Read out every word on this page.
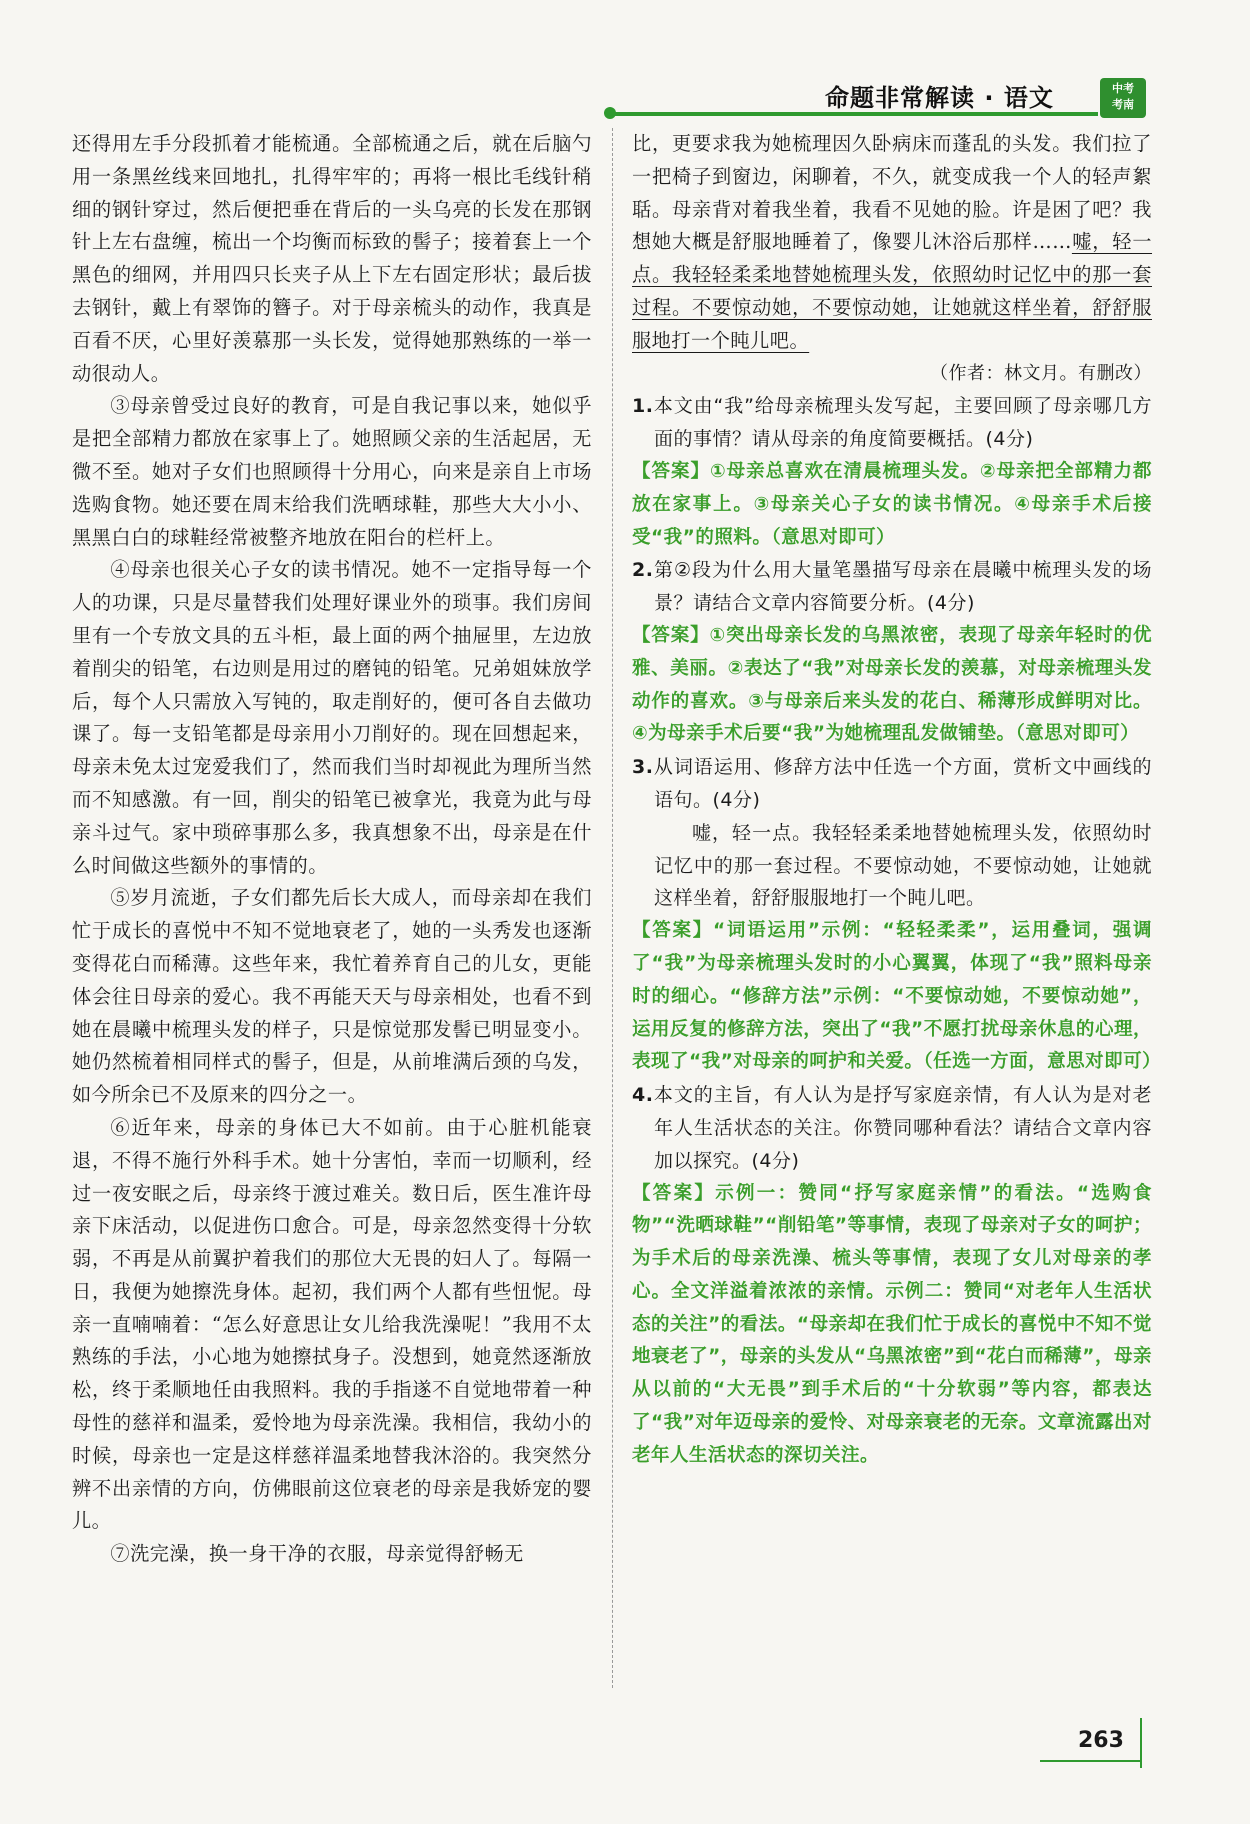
命题非常解读 · 语文	中考
考南

还得用左手分段抓着才能梳通。全部梳通之后，就在后脑勺用一条黑丝线来回地扎，扎得牢牢的；再将一根比毛线针稍细的钢针穿过，然后便把垂在背后的一头乌亮的长发在那钢针上左右盘缠，梳出一个均衡而标致的髻子；接着套上一个黑色的细网，并用四只长夹子从上下左右固定形状；最后拔去钢针，戴上有翠饰的簪子。对于母亲梳头的动作，我真是百看不厌，心里好羡慕那一头长发，觉得她那熟练的一举一动很动人。

③母亲曾受过良好的教育，可是自我记事以来，她似乎是把全部精力都放在家事上了。她照顾父亲的生活起居，无微不至。她对子女们也照顾得十分用心，向来是亲自上市场选购食物。她还要在周末给我们洗晒球鞋，那些大大小小、黑黑白白的球鞋经常被整齐地放在阳台的栏杆上。

④母亲也很关心子女的读书情况。她不一定指导每一个人的功课，只是尽量替我们处理好课业外的琐事。我们房间里有一个专放文具的五斗柜，最上面的两个抽屉里，左边放着削尖的铅笔，右边则是用过的磨钝的铅笔。兄弟姐妹放学后，每个人只需放入写钝的，取走削好的，便可各自去做功课了。每一支铅笔都是母亲用小刀削好的。现在回想起来，母亲未免太过宠爱我们了，然而我们当时却视此为理所当然而不知感激。有一回，削尖的铅笔已被拿光，我竟为此与母亲斗过气。家中琐碎事那么多，我真想象不出，母亲是在什么时间做这些额外的事情的。

⑤岁月流逝，子女们都先后长大成人，而母亲却在我们忙于成长的喜悦中不知不觉地衰老了，她的一头秀发也逐渐变得花白而稀薄。这些年来，我忙着养育自己的儿女，更能体会往日母亲的爱心。我不再能天天与母亲相处，也看不到她在晨曦中梳理头发的样子，只是惊觉那发髻已明显变小。她仍然梳着相同样式的髻子，但是，从前堆满后颈的乌发，如今所余已不及原来的四分之一。

⑥近年来，母亲的身体已大不如前。由于心脏机能衰退，不得不施行外科手术。她十分害怕，幸而一切顺利，经过一夜安眠之后，母亲终于渡过难关。数日后，医生准许母亲下床活动，以促进伤口愈合。可是，母亲忽然变得十分软弱，不再是从前翼护着我们的那位大无畏的妇人了。每隔一日，我便为她擦洗身体。起初，我们两个人都有些忸怩。母亲一直喃喃着：“怎么好意思让女儿给我洗澡呢！”我用不太熟练的手法，小心地为她擦拭身子。没想到，她竟然逐渐放松，终于柔顺地任由我照料。我的手指遂不自觉地带着一种母性的慈祥和温柔，爱怜地为母亲洗澡。我相信，我幼小的时候，母亲也一定是这样慈祥温柔地替我沐浴的。我突然分辨不出亲情的方向，仿佛眼前这位衰老的母亲是我娇宠的婴儿。

⑦洗完澡，换一身干净的衣服，母亲觉得舒畅无

比，更要求我为她梳理因久卧病床而蓬乱的头发。我们拉了一把椅子到窗边，闲聊着，不久，就变成我一个人的轻声絮聒。母亲背对着我坐着，我看不见她的脸。许是困了吧？我想她大概是舒服地睡着了，像婴儿沐浴后那样……嘘，轻一点。我轻轻柔柔地替她梳理头发，依照幼时记忆中的那一套过程。不要惊动她，不要惊动她，让她就这样坐着，舒舒服服地打一个盹儿吧。

（作者：林文月。有删改）

1.本文由“我”给母亲梳理头发写起，主要回顾了母亲哪几方面的事情？请从母亲的角度简要概括。(4分)

【答案】①母亲总喜欢在清晨梳理头发。②母亲把全部精力都放在家事上。③母亲关心子女的读书情况。④母亲手术后接受“我”的照料。（意思对即可）

2.第②段为什么用大量笔墨描写母亲在晨曦中梳理头发的场景？请结合文章内容简要分析。(4分)

【答案】①突出母亲长发的乌黑浓密，表现了母亲年轻时的优雅、美丽。②表达了“我”对母亲长发的羡慕，对母亲梳理头发动作的喜欢。③与母亲后来头发的花白、稀薄形成鲜明对比。④为母亲手术后要“我”为她梳理乱发做铺垫。（意思对即可）

3.从词语运用、修辞方法中任选一个方面，赏析文中画线的语句。(4分)

嘘，轻一点。我轻轻柔柔地替她梳理头发，依照幼时记忆中的那一套过程。不要惊动她，不要惊动她，让她就这样坐着，舒舒服服地打一个盹儿吧。

【答案】“词语运用”示例：“轻轻柔柔”，运用叠词，强调了“我”为母亲梳理头发时的小心翼翼，体现了“我”照料母亲时的细心。“修辞方法”示例：“不要惊动她，不要惊动她”，运用反复的修辞方法，突出了“我”不愿打扰母亲休息的心理，表现了“我”对母亲的呵护和关爱。（任选一方面，意思对即可）

4.本文的主旨，有人认为是抒写家庭亲情，有人认为是对老年人生活状态的关注。你赞同哪种看法？请结合文章内容加以探究。(4分)

【答案】示例一：赞同“抒写家庭亲情”的看法。“选购食物”“洗晒球鞋”“削铅笔”等事情，表现了母亲对子女的呵护；为手术后的母亲洗澡、梳头等事情，表现了女儿对母亲的孝心。全文洋溢着浓浓的亲情。示例二：赞同“对老年人生活状态的关注”的看法。“母亲却在我们忙于成长的喜悦中不知不觉地衰老了”，母亲的头发从“乌黑浓密”到“花白而稀薄”，母亲从以前的“大无畏”到手术后的“十分软弱”等内容，都表达了“我”对年迈母亲的爱怜、对母亲衰老的无奈。文章流露出对老年人生活状态的深切关注。

263
